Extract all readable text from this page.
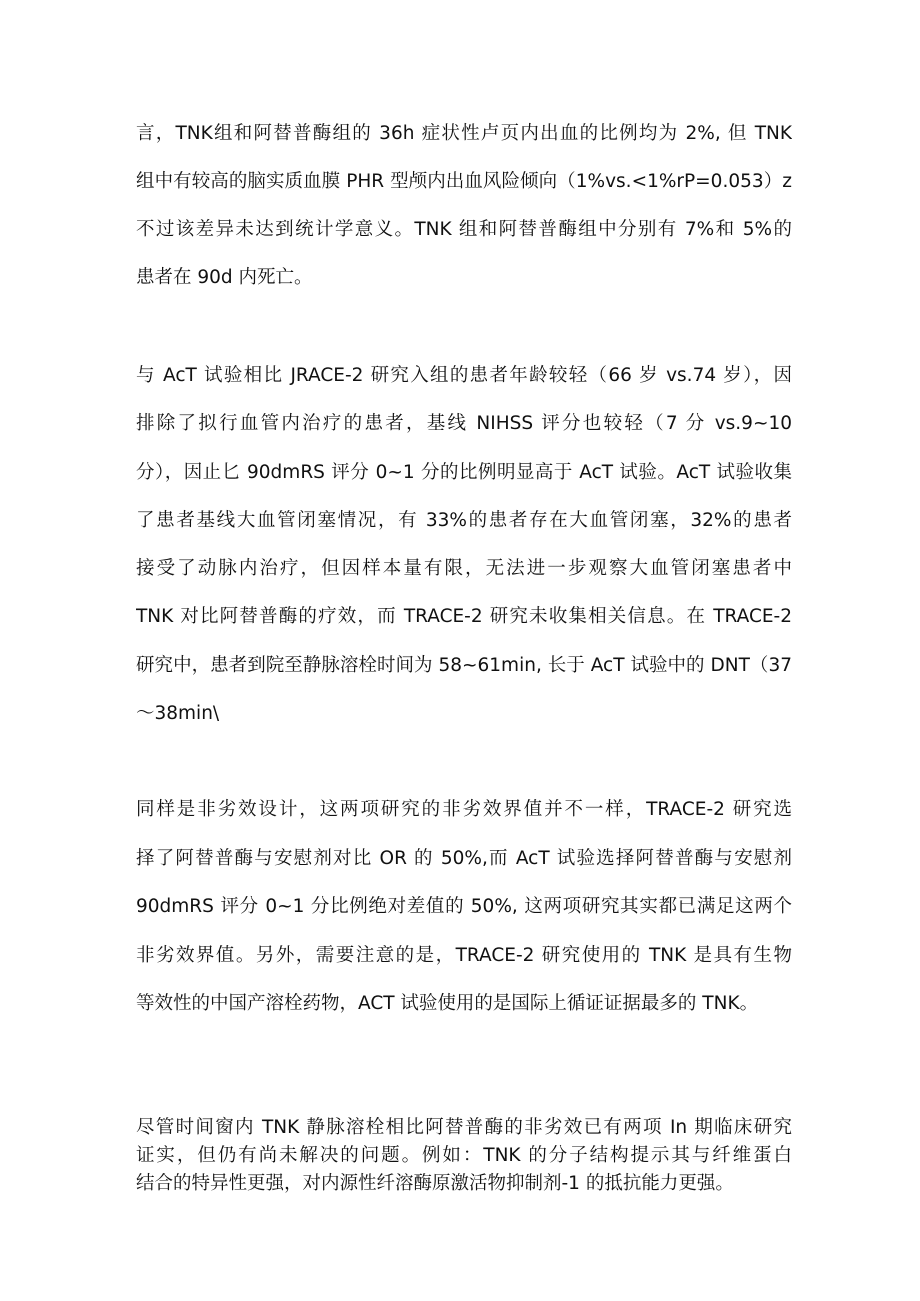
言，TNK组和阿替普酶组的 36h 症状性卢页内出血的比例均为 2%, 但 TNK
组中有较高的脑实质血膜 PHR 型颅内出血风险倾向（1%vs.<1%rP=0.053）z
不过该差异未达到统计学意义。TNK 组和阿替普酶组中分别有 7%和 5%的
患者在 90d 内死亡。
与 AcT 试验相比 JRACE-2 研究入组的患者年龄较轻（66 岁 vs.74 岁），因
排除了拟行血管内治疗的患者，基线 NIHSS 评分也较轻（7 分 vs.9~10
分），因止匕 90dmRS 评分 0~1 分的比例明显高于 AcT 试验。AcT 试验收集
了患者基线大血管闭塞情况，有 33%的患者存在大血管闭塞，32%的患者
接受了动脉内治疗，但因样本量有限，无法进一步观察大血管闭塞患者中
TNK 对比阿替普酶的疗效，而 TRACE-2 研究未收集相关信息。在 TRACE-2
研究中，患者到院至静脉溶栓时间为 58~61min, 长于 AcT 试验中的 DNT（37
～38min\
同样是非劣效设计，这两项研究的非劣效界值并不一样，TRACE-2 研究选
择了阿替普酶与安慰剂对比 OR 的 50%,而 AcT 试验选择阿替普酶与安慰剂
90dmRS 评分 0~1 分比例绝对差值的 50%, 这两项研究其实都已满足这两个
非劣效界值。另外，需要注意的是，TRACE-2 研究使用的 TNK 是具有生物
等效性的中国产溶栓药物，ACT 试验使用的是国际上循证证据最多的 TNK。
尽管时间窗内 TNK 静脉溶栓相比阿替普酶的非劣效已有两项 In 期临床研究
证实，但仍有尚未解决的问题。例如：TNK 的分子结构提示其与纤维蛋白
结合的特异性更强，对内源性纤溶酶原激活物抑制剂-1 的抵抗能力更强。
